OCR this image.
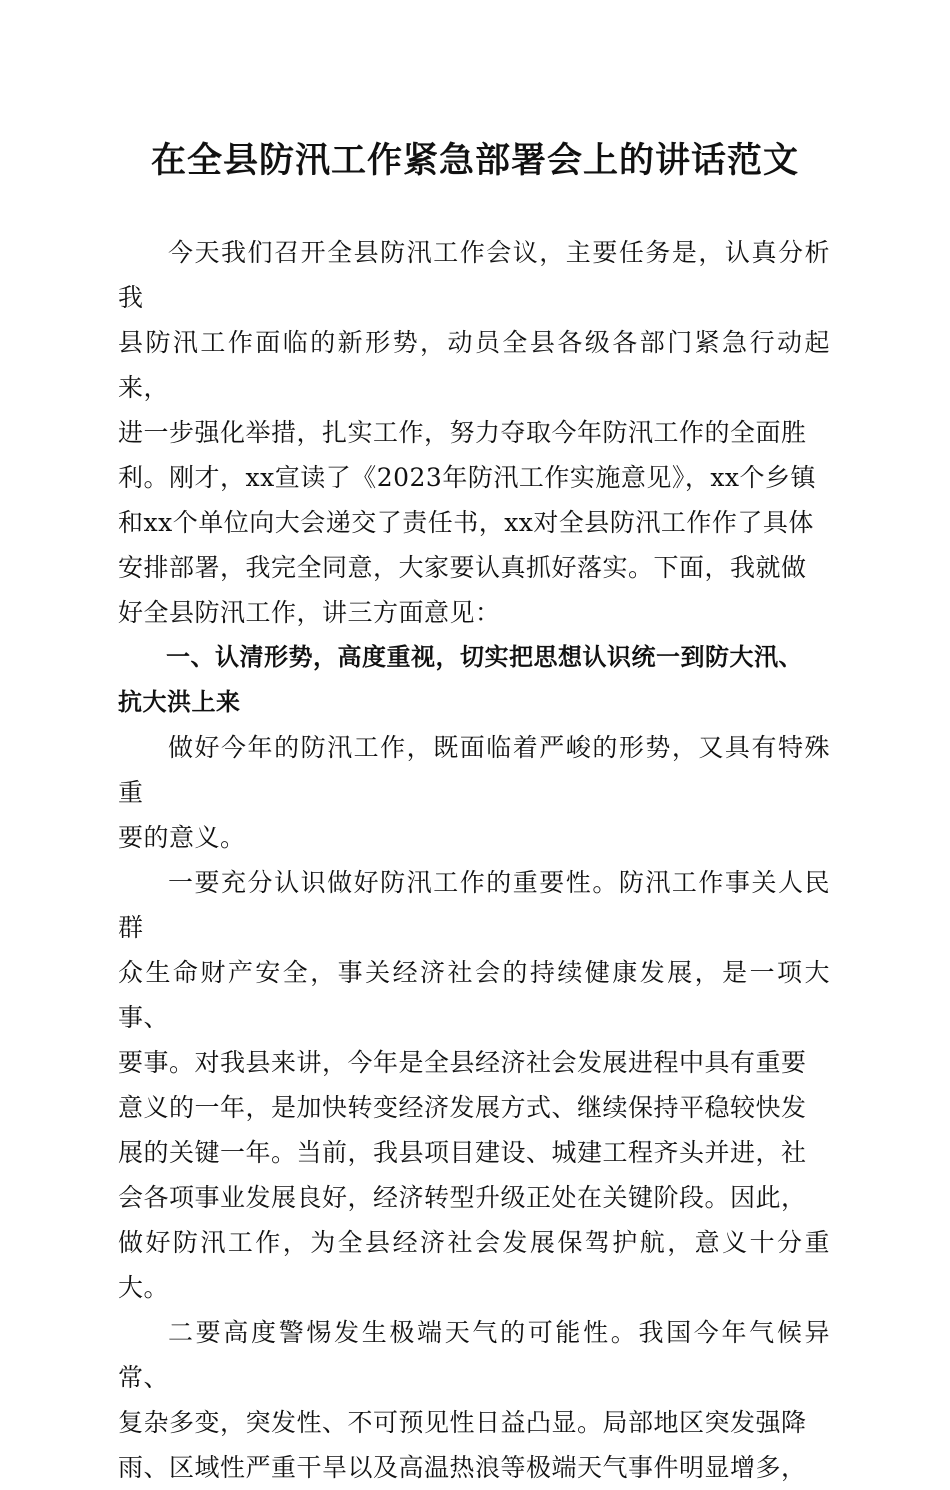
在全县防汛工作紧急部署会上的讲话范文

今天我们召开全县防汛工作会议，主要任务是，认真分析我
县防汛工作面临的新形势，动员全县各级各部门紧急行动起来，
进一步强化举措，扎实工作，努力夺取今年防汛工作的全面胜
利。刚才，xx宣读了《2023年防汛工作实施意见》，xx个乡镇
和xx个单位向大会递交了责任书，xx对全县防汛工作作了具体
安排部署，我完全同意，大家要认真抓好落实。下面，我就做
好全县防汛工作，讲三方面意见：

一、认清形势，高度重视，切实把思想认识统一到防大汛、
抗大洪上来

做好今年的防汛工作，既面临着严峻的形势，又具有特殊重
要的意义。

一要充分认识做好防汛工作的重要性。防汛工作事关人民群
众生命财产安全，事关经济社会的持续健康发展，是一项大事、
要事。对我县来讲，今年是全县经济社会发展进程中具有重要
意义的一年，是加快转变经济发展方式、继续保持平稳较快发
展的关键一年。当前，我县项目建设、城建工程齐头并进，社
会各项事业发展良好，经济转型升级正处在关键阶段。因此，
做好防汛工作，为全县经济社会发展保驾护航，意义十分重大。

二要高度警惕发生极端天气的可能性。我国今年气候异常、
复杂多变，突发性、不可预见性日益凸显。局部地区突发强降
雨、区域性严重干旱以及高温热浪等极端天气事件明显增多，
